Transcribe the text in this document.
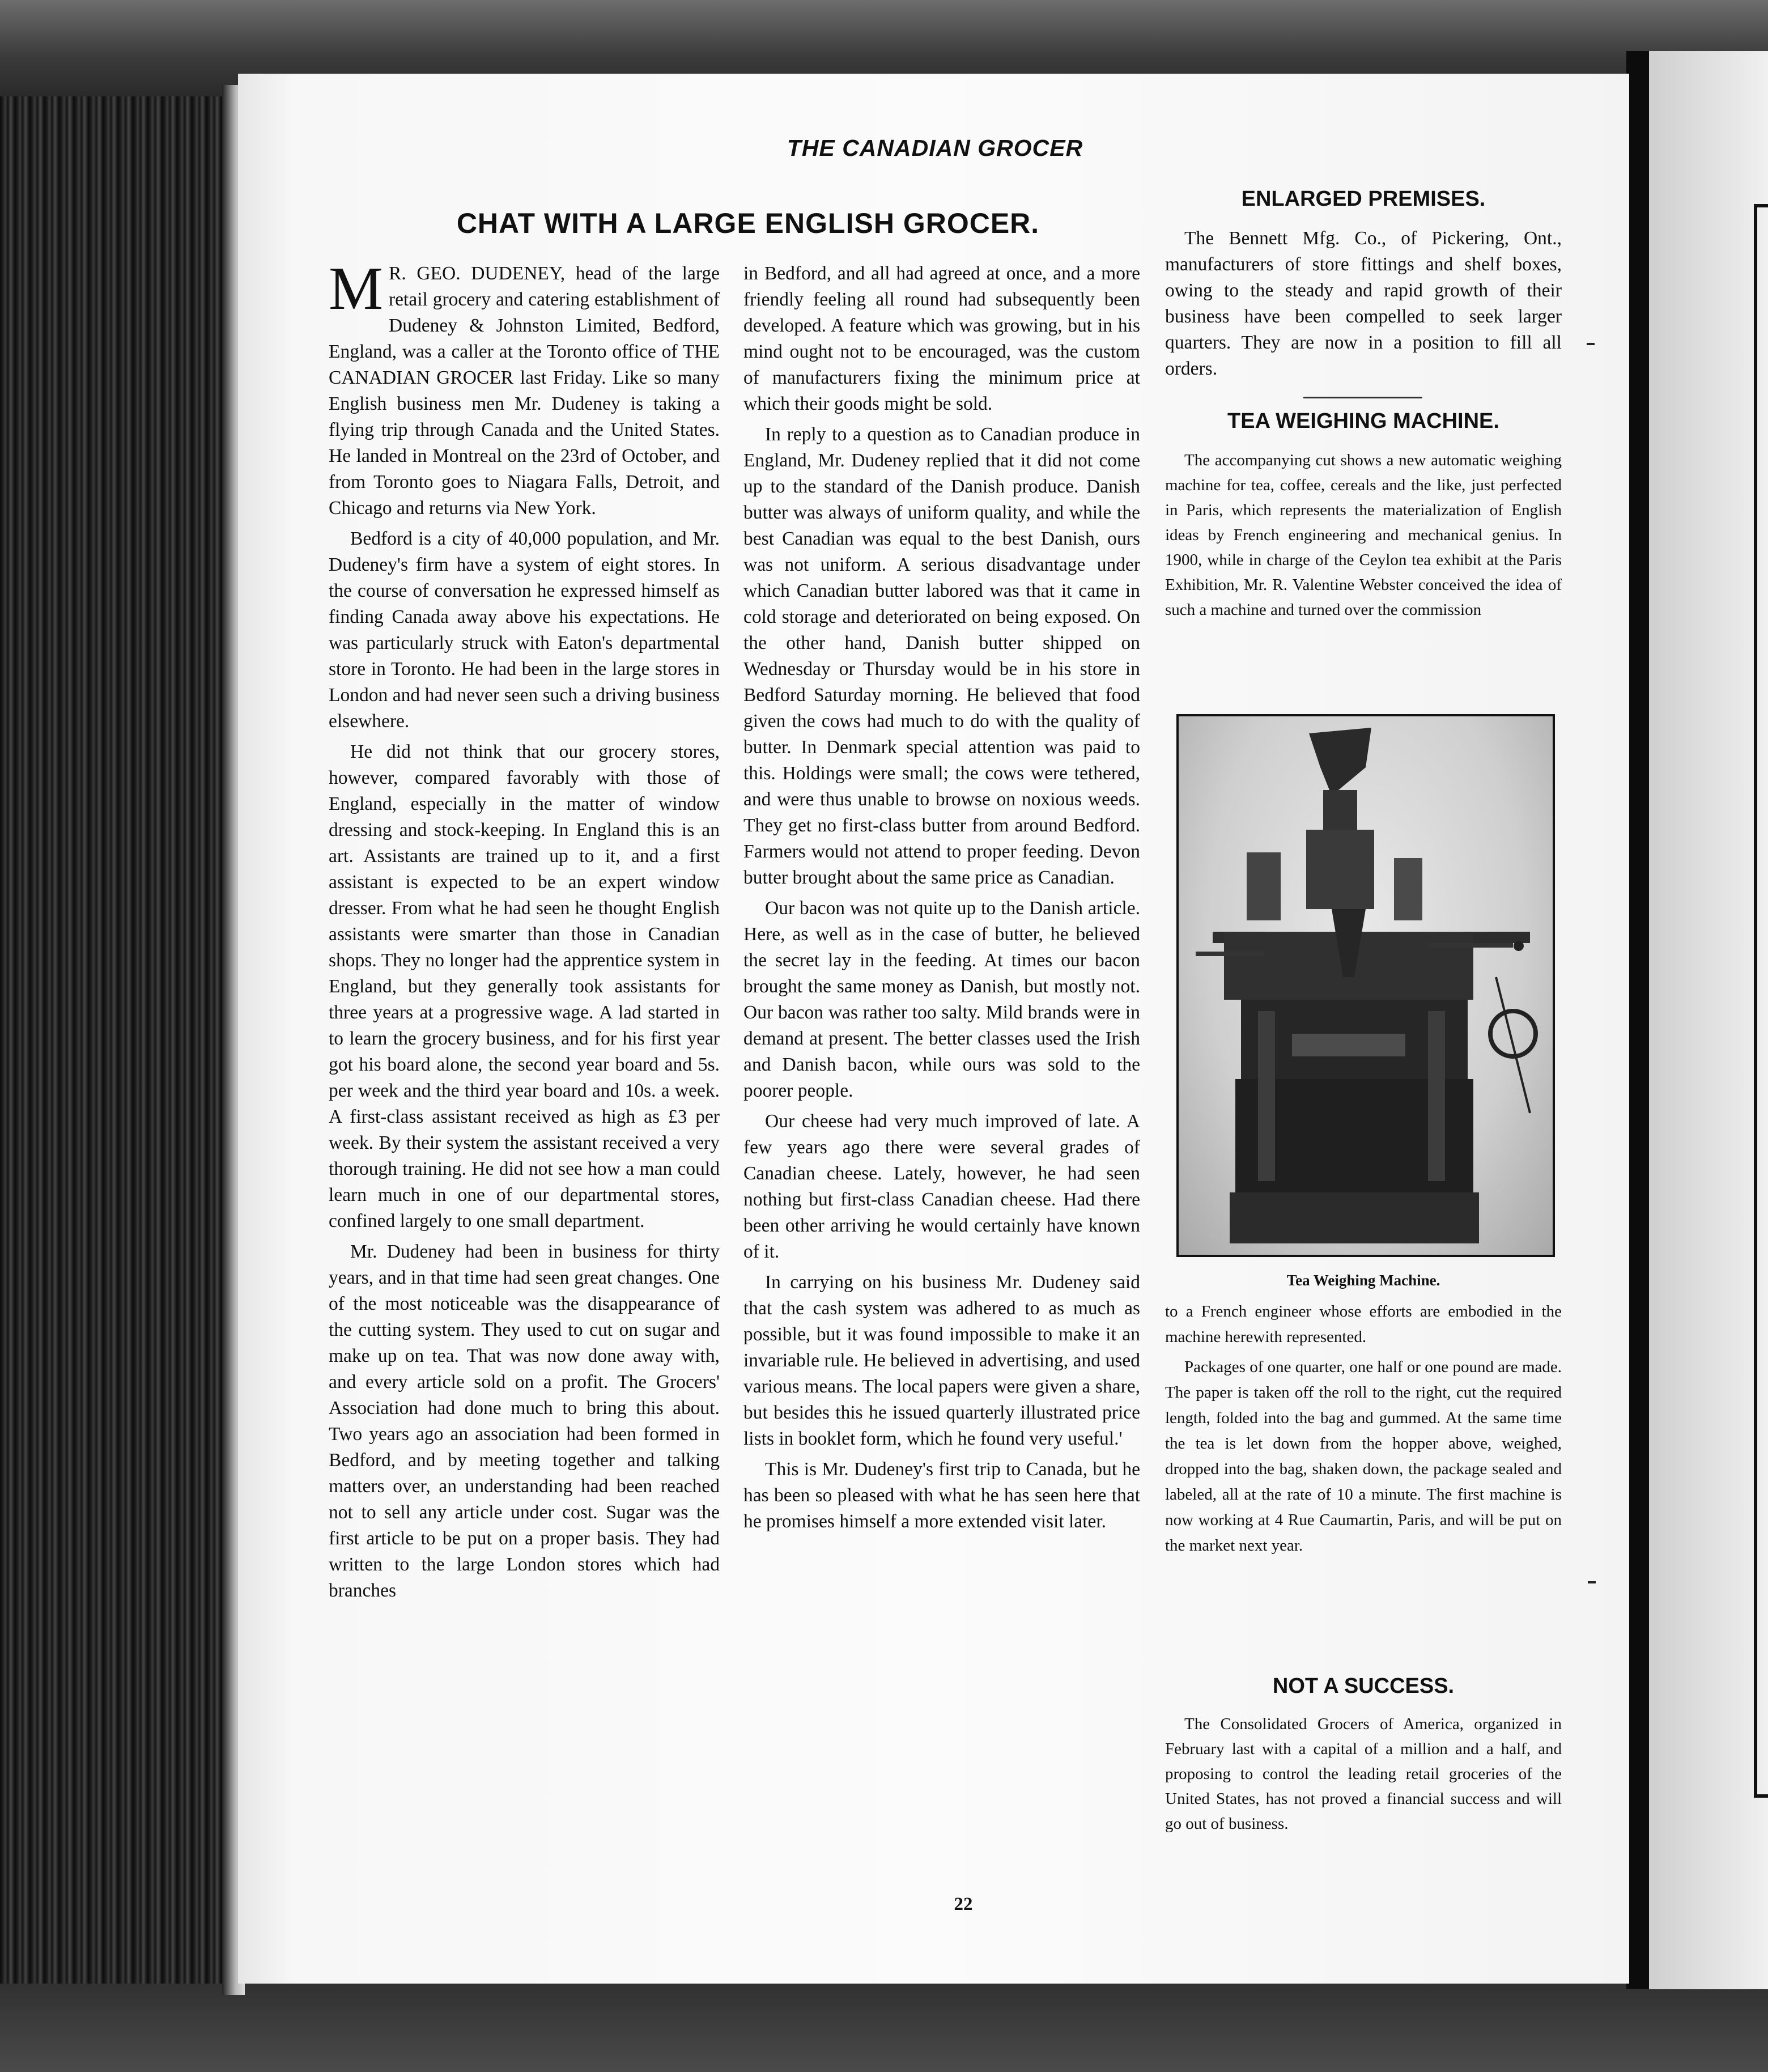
THE CANADIAN GROCER
CHAT WITH A LARGE ENGLISH GROCER.

M R. GEO. DUDENEY, head of the large retail grocery and catering establishment of Dudeney & Johnston Limited, Bedford, England, was a caller at the Toronto office of THE CANADIAN GROCER last Friday. Like so many English business men Mr. Dudeney is taking a flying trip through Canada and the United States. He landed in Montreal on the 23rd of October, and from Toronto goes to Niagara Falls, Detroit, and Chicago and returns via New York.

Bedford is a city of 40,000 population, and Mr. Dudeney's firm have a system of eight stores. In the course of conversation he expressed himself as finding Canada away above his expectations. He was particularly struck with Eaton's departmental store in Toronto. He had been in the large stores in London and had never seen such a driving business elsewhere.

He did not think that our grocery stores, however, compared favorably with those of England, especially in the matter of window dressing and stock-keeping. In England this is an art. Assistants are trained up to it, and a first assistant is expected to be an expert window dresser. From what he had seen he thought English assistants were smarter than those in Canadian shops. They no longer had the apprentice system in England, but they generally took assistants for three years at a progressive wage. A lad started in to learn the grocery business, and for his first year got his board alone, the second year board and 5s. per week and the third year board and 10s. a week. A first-class assistant received as high as £3 per week. By their system the assistant received a very thorough training. He did not see how a man could learn much in one of our departmental stores, confined largely to one small department.

Mr. Dudeney had been in business for thirty years, and in that time had seen great changes. One of the most noticeable was the disappearance of the cutting system. They used to cut on sugar and make up on tea. That was now done away with, and every article sold on a profit. The Grocers' Association had done much to bring this about. Two years ago an association had been formed in Bedford, and by meeting together and talking matters over, an understanding had been reached not to sell any article under cost. Sugar was the first article to be put on a proper basis. They had written to the large London stores which had branches

in Bedford, and all had agreed at once, and a more friendly feeling all round had subsequently been developed. A feature which was growing, but in his mind ought not to be encouraged, was the custom of manufacturers fixing the minimum price at which their goods might be sold.

In reply to a question as to Canadian produce in England, Mr. Dudeney replied that it did not come up to the standard of the Danish produce. Danish butter was always of uniform quality, and while the best Canadian was equal to the best Danish, ours was not uniform. A serious disadvantage under which Canadian butter labored was that it came in cold storage and deteriorated on being exposed. On the other hand, Danish butter shipped on Wednesday or Thursday would be in his store in Bedford Saturday morning. He believed that food given the cows had much to do with the quality of butter. In Denmark special attention was paid to this. Holdings were small; the cows were tethered, and were thus unable to browse on noxious weeds. They get no first-class butter from around Bedford. Farmers would not attend to proper feeding. Devon butter brought about the same price as Canadian.

Our bacon was not quite up to the Danish article. Here, as well as in the case of butter, he believed the secret lay in the feeding. At times our bacon brought the same money as Danish, but mostly not. Our bacon was rather too salty. Mild brands were in demand at present. The better classes used the Irish and Danish bacon, while ours was sold to the poorer people.

Our cheese had very much improved of late. A few years ago there were several grades of Canadian cheese. Lately, however, he had seen nothing but first-class Canadian cheese. Had there been other arriving he would certainly have known of it.

In carrying on his business Mr. Dudeney said that the cash system was adhered to as much as possible, but it was found impossible to make it an invariable rule. He believed in advertising, and used various means. The local papers were given a share, but besides this he issued quarterly illustrated price lists in booklet form, which he found very useful.'

This is Mr. Dudeney's first trip to Canada, but he has been so pleased with what he has seen here that he promises himself a more extended visit later.

ENLARGED PREMISES.

The Bennett Mfg. Co., of Pickering, Ont., manufacturers of store fittings and shelf boxes, owing to the steady and rapid growth of their business have been compelled to seek larger quarters. They are now in a position to fill all orders.

TEA WEIGHING MACHINE.

The accompanying cut shows a new automatic weighing machine for tea, coffee, cereals and the like, just perfected in Paris, which represents the materialization of English ideas by French engineering and mechanical genius. In 1900, while in charge of the Ceylon tea exhibit at the Paris Exhibition, Mr. R. Valentine Webster conceived the idea of such a machine and turned over the commission

Tea Weighing Machine.

to a French engineer whose efforts are embodied in the machine herewith represented.

Packages of one quarter, one half or one pound are made. The paper is taken off the roll to the right, cut the required length, folded into the bag and gummed. At the same time the tea is let down from the hopper above, weighed, dropped into the bag, shaken down, the package sealed and labeled, all at the rate of 10 a minute. The first machine is now working at 4 Rue Caumartin, Paris, and will be put on the market next year.

NOT A SUCCESS.

The Consolidated Grocers of America, organized in February last with a capital of a million and a half, and proposing to control the leading retail groceries of the United States, has not proved a financial success and will go out of business.

22
